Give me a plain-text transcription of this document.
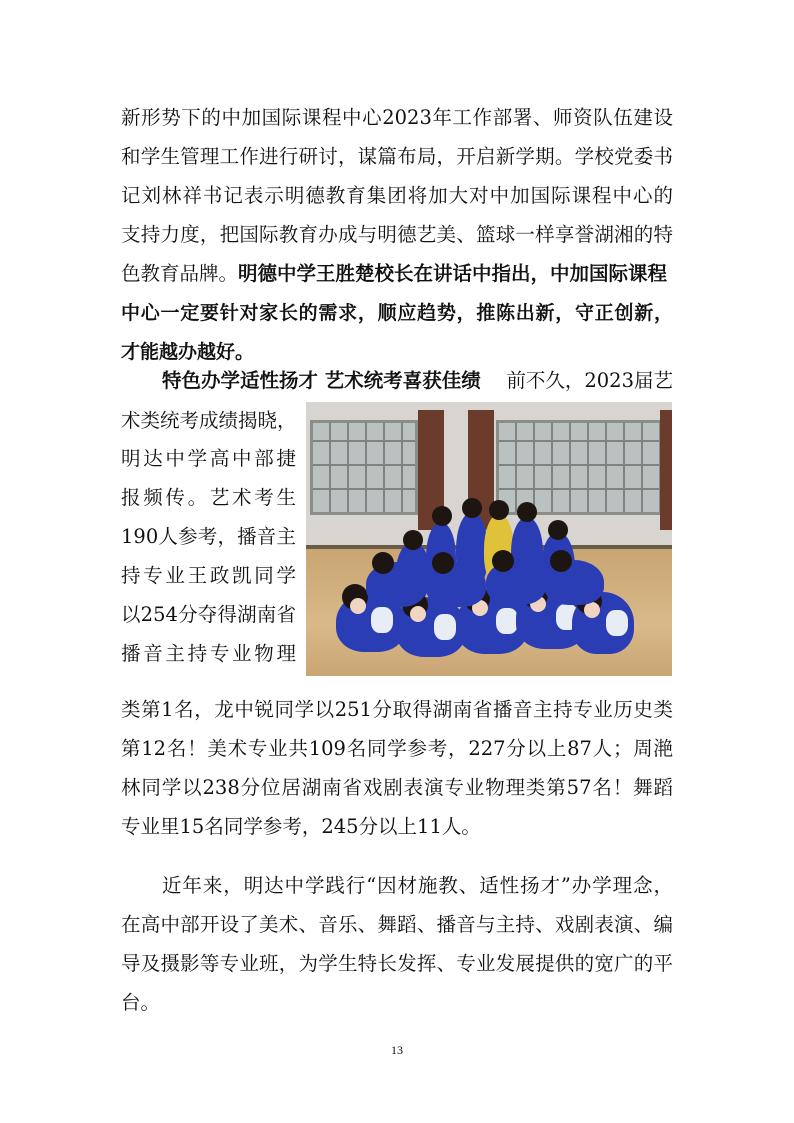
新形势下的中加国际课程中心2023年工作部署、师资队伍建设
和学生管理工作进行研讨，谋篇布局，开启新学期。学校党委书
记刘林祥书记表示明德教育集团将加大对中加国际课程中心的
支持力度，把国际教育办成与明德艺美、篮球一样享誉湖湘的特
色教育品牌。明德中学王胜楚校长在讲话中指出，中加国际课程
中心一定要针对家长的需求，顺应趋势，推陈出新，守正创新，
才能越办越好。
特色办学适性扬才 艺术统考喜获佳绩 前不久，2023届艺
术类统考成绩揭晓，
明达中学高中部捷
报频传。艺术考生
190人参考，播音主
持专业王政凯同学
以254分夺得湖南省
播音主持专业物理
类第1名，龙中锐同学以251分取得湖南省播音主持专业历史类
第12名！美术专业共109名同学参考，227分以上87人；周滟
林同学以238分位居湖南省戏剧表演专业物理类第57名！舞蹈
专业里15名同学参考，245分以上11人。
近年来，明达中学践行“因材施教、适性扬才”办学理念，
在高中部开设了美术、音乐、舞蹈、播音与主持、戏剧表演、编
导及摄影等专业班，为学生特长发挥、专业发展提供的宽广的平
台。
13
